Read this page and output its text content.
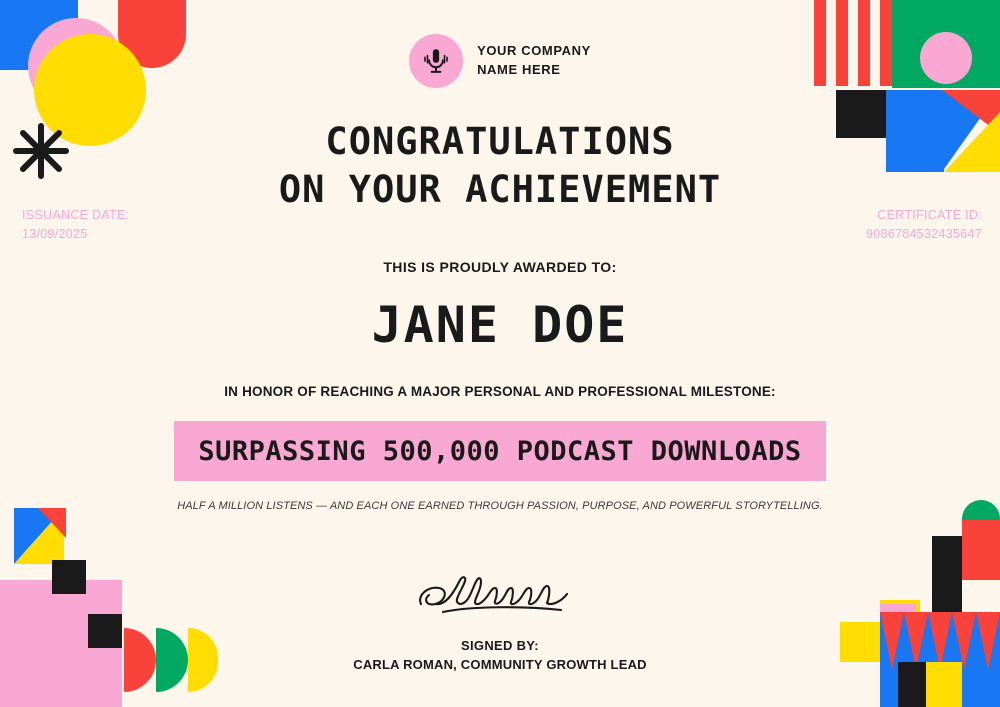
YOUR COMPANY
NAME HERE
CONGRATULATIONS
ON YOUR ACHIEVEMENT
ISSUANCE DATE:
13/09/2025
CERTIFICATE ID:
9086784532435647
THIS IS PROUDLY AWARDED TO:
JANE DOE
IN HONOR OF REACHING A MAJOR PERSONAL AND PROFESSIONAL MILESTONE:
SURPASSING 500,000 PODCAST DOWNLOADS
HALF A MILLION LISTENS — AND EACH ONE EARNED THROUGH PASSION, PURPOSE, AND POWERFUL STORYTELLING.
SIGNED BY:
CARLA ROMAN, COMMUNITY GROWTH LEAD
